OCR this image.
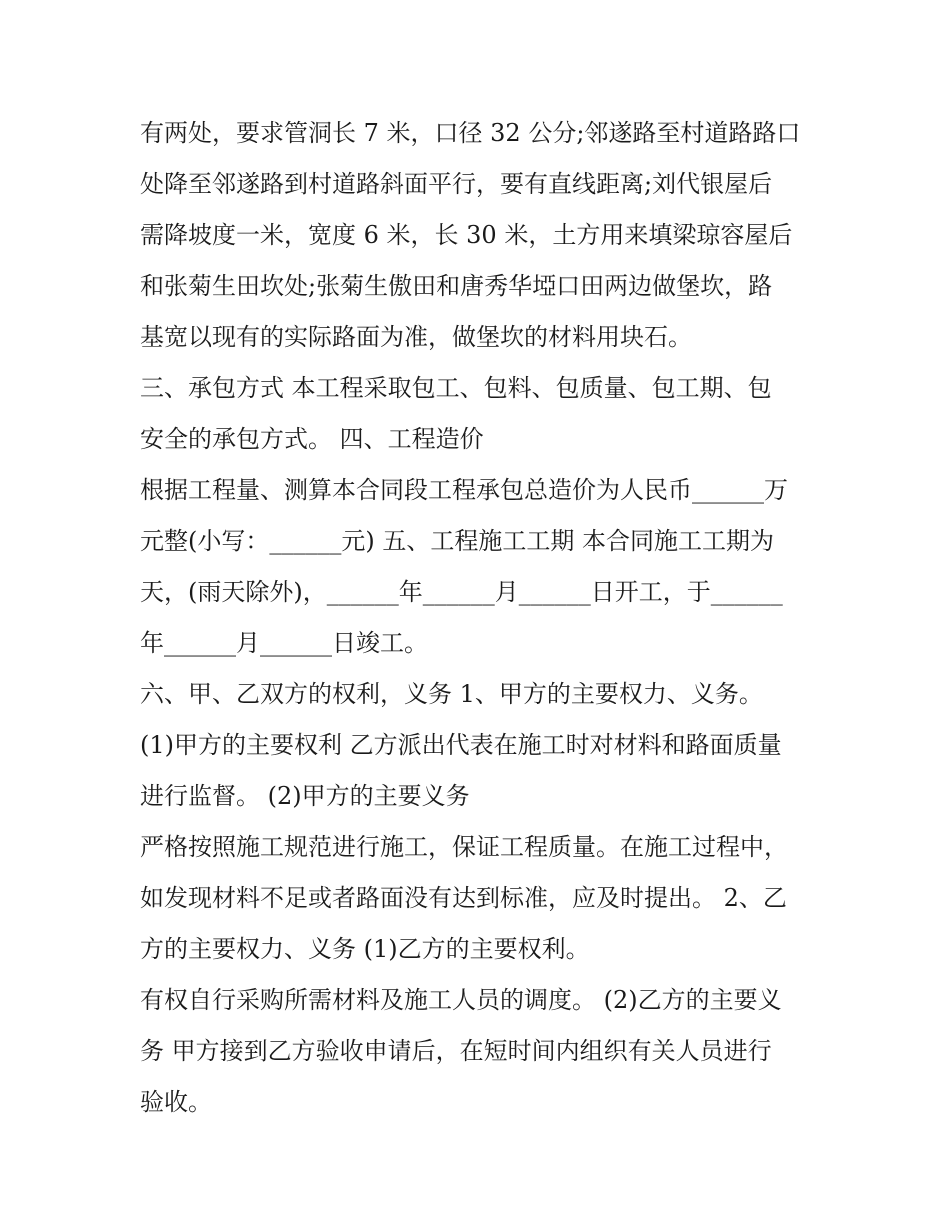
有两处，要求管洞长 7 米，口径 32 公分;邻遂路至村道路路口
处降至邻遂路到村道路斜面平行，要有直线距离;刘代银屋后
需降坡度一米，宽度 6 米，长 30 米，土方用来填梁琼容屋后
和张菊生田坎处;张菊生傲田和唐秀华埡口田两边做堡坎，路
基宽以现有的实际路面为准，做堡坎的材料用块石。
三、承包方式 本工程采取包工、包料、包质量、包工期、包
安全的承包方式。 四、工程造价
根据工程量、测算本合同段工程承包总造价为人民币______万
元整(小写：______元) 五、工程施工工期 本合同施工工期为
天，(雨天除外)，______年______月______日开工，于______
年______月______日竣工。
六、甲、乙双方的权利，义务 1、甲方的主要权力、义务。
(1)甲方的主要权利 乙方派出代表在施工时对材料和路面质量
进行监督。 (2)甲方的主要义务
严格按照施工规范进行施工，保证工程质量。在施工过程中，
如发现材料不足或者路面没有达到标准，应及时提出。 2、乙
方的主要权力、义务 (1)乙方的主要权利。
有权自行采购所需材料及施工人员的调度。 (2)乙方的主要义
务 甲方接到乙方验收申请后，在短时间内组织有关人员进行
验收。
